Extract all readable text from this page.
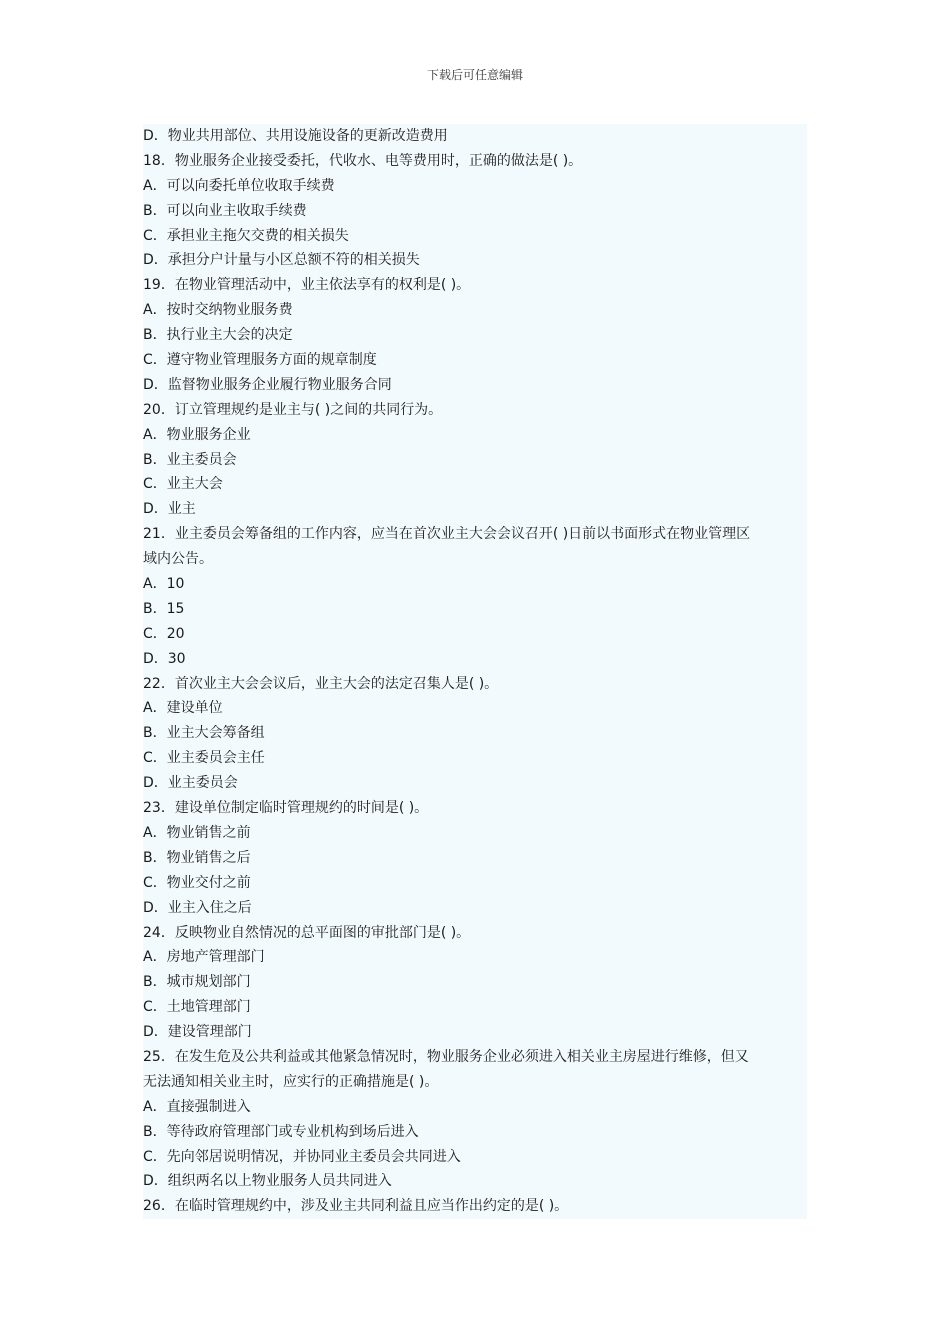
下载后可任意编辑
D．物业共用部位、共用设施设备的更新改造费用
18．物业服务企业接受委托，代收水、电等费用时，正确的做法是( )。
A．可以向委托单位收取手续费
B．可以向业主收取手续费
C．承担业主拖欠交费的相关损失
D．承担分户计量与小区总额不符的相关损失
19．在物业管理活动中，业主依法享有的权利是( )。
A．按时交纳物业服务费
B．执行业主大会的决定
C．遵守物业管理服务方面的规章制度
D．监督物业服务企业履行物业服务合同
20．订立管理规约是业主与( )之间的共同行为。
A．物业服务企业
B．业主委员会
C．业主大会
D．业主
21．业主委员会筹备组的工作内容，应当在首次业主大会会议召开( )日前以书面形式在物业管理区
域内公告。
A．10
B．15
C．20
D．30
22．首次业主大会会议后，业主大会的法定召集人是( )。
A．建设单位
B．业主大会筹备组
C．业主委员会主任
D．业主委员会
23．建设单位制定临时管理规约的时间是( )。
A．物业销售之前
B．物业销售之后
C．物业交付之前
D．业主入住之后
24．反映物业自然情况的总平面图的审批部门是( )。
A．房地产管理部门
B．城市规划部门
C．土地管理部门
D．建设管理部门
25．在发生危及公共利益或其他紧急情况时，物业服务企业必须进入相关业主房屋进行维修，但又
无法通知相关业主时，应实行的正确措施是( )。
A．直接强制进入
B．等待政府管理部门或专业机构到场后进入
C．先向邻居说明情况，并协同业主委员会共同进入
D．组织两名以上物业服务人员共同进入
26．在临时管理规约中，涉及业主共同利益且应当作出约定的是( )。
